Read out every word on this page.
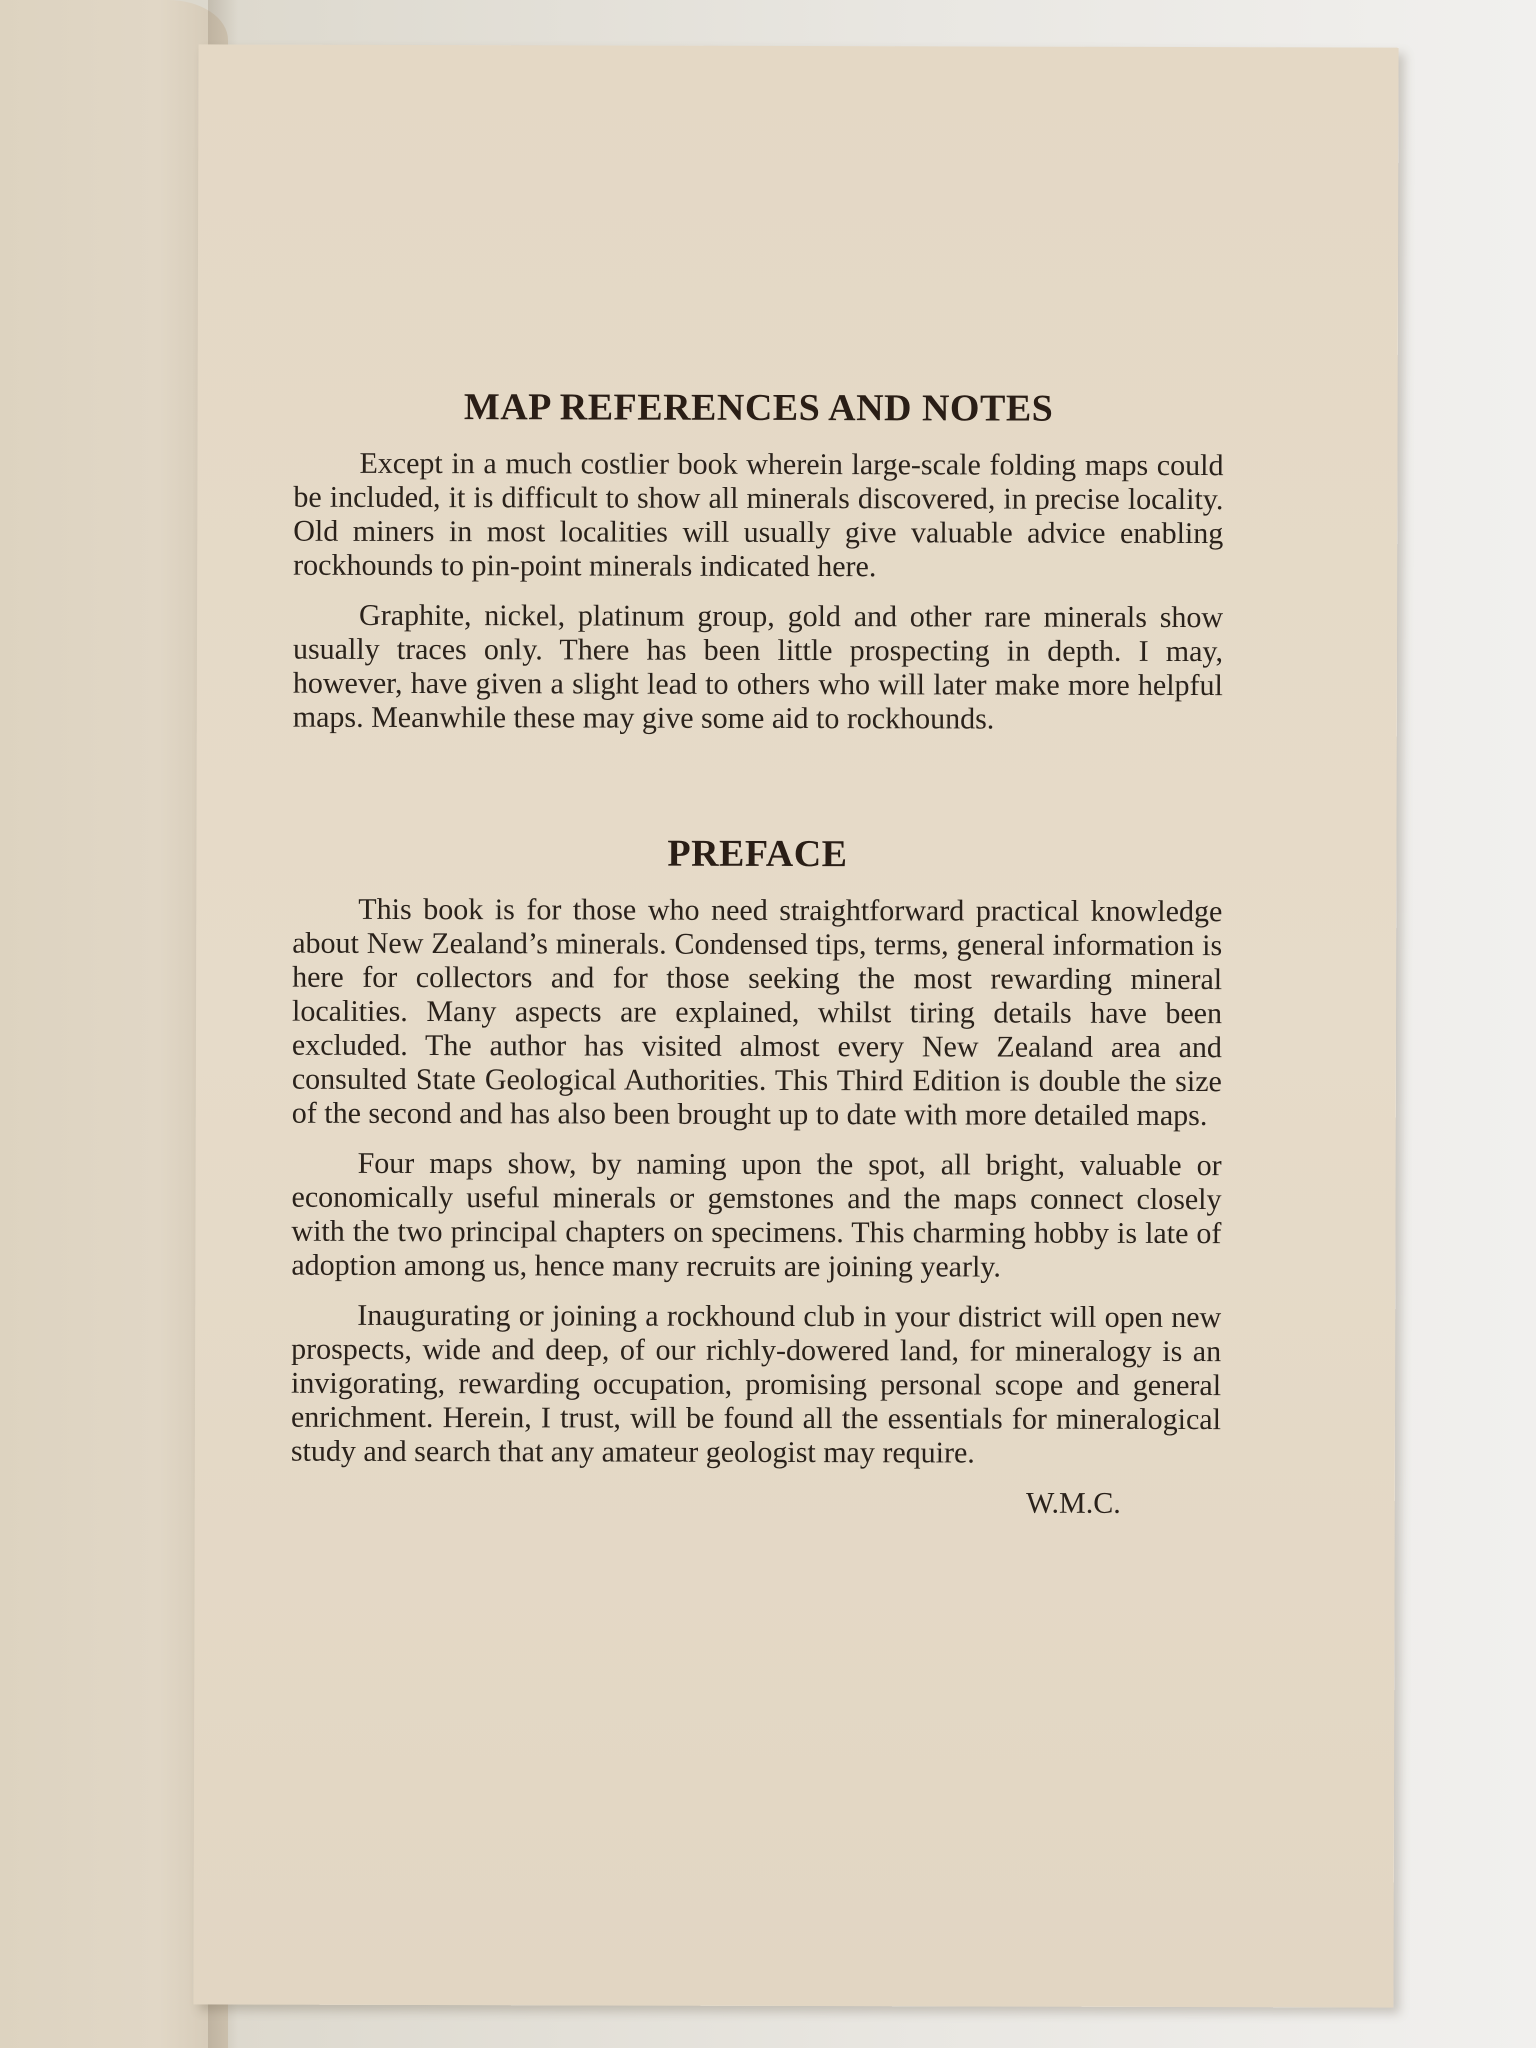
MAP REFERENCES AND NOTES

Except in a much costlier book wherein large-scale folding maps could be included, it is difficult to show all minerals discovered, in precise locality. Old miners in most localities will usually give valuable advice enabling rockhounds to pin-point minerals indicated here.

Graphite, nickel, platinum group, gold and other rare minerals show usually traces only. There has been little prospecting in depth. I may, however, have given a slight lead to others who will later make more helpful maps. Meanwhile these may give some aid to rockhounds.

PREFACE

This book is for those who need straightforward practical knowledge about New Zealand’s minerals. Condensed tips, terms, general information is here for collectors and for those seeking the most rewarding mineral localities. Many aspects are explained, whilst tiring details have been excluded. The author has visited almost every New Zealand area and consulted State Geological Authorities. This Third Edition is double the size of the second and has also been brought up to date with more detailed maps.

Four maps show, by naming upon the spot, all bright, valuable or economically useful minerals or gemstones and the maps connect closely with the two principal chapters on specimens. This charming hobby is late of adoption among us, hence many recruits are joining yearly.

Inaugurating or joining a rockhound club in your district will open new prospects, wide and deep, of our richly-dowered land, for mineralogy is an invigorating, rewarding occupation, promising personal scope and general enrichment. Herein, I trust, will be found all the essentials for mineralogical study and search that any amateur geologist may require.

W.M.C.
